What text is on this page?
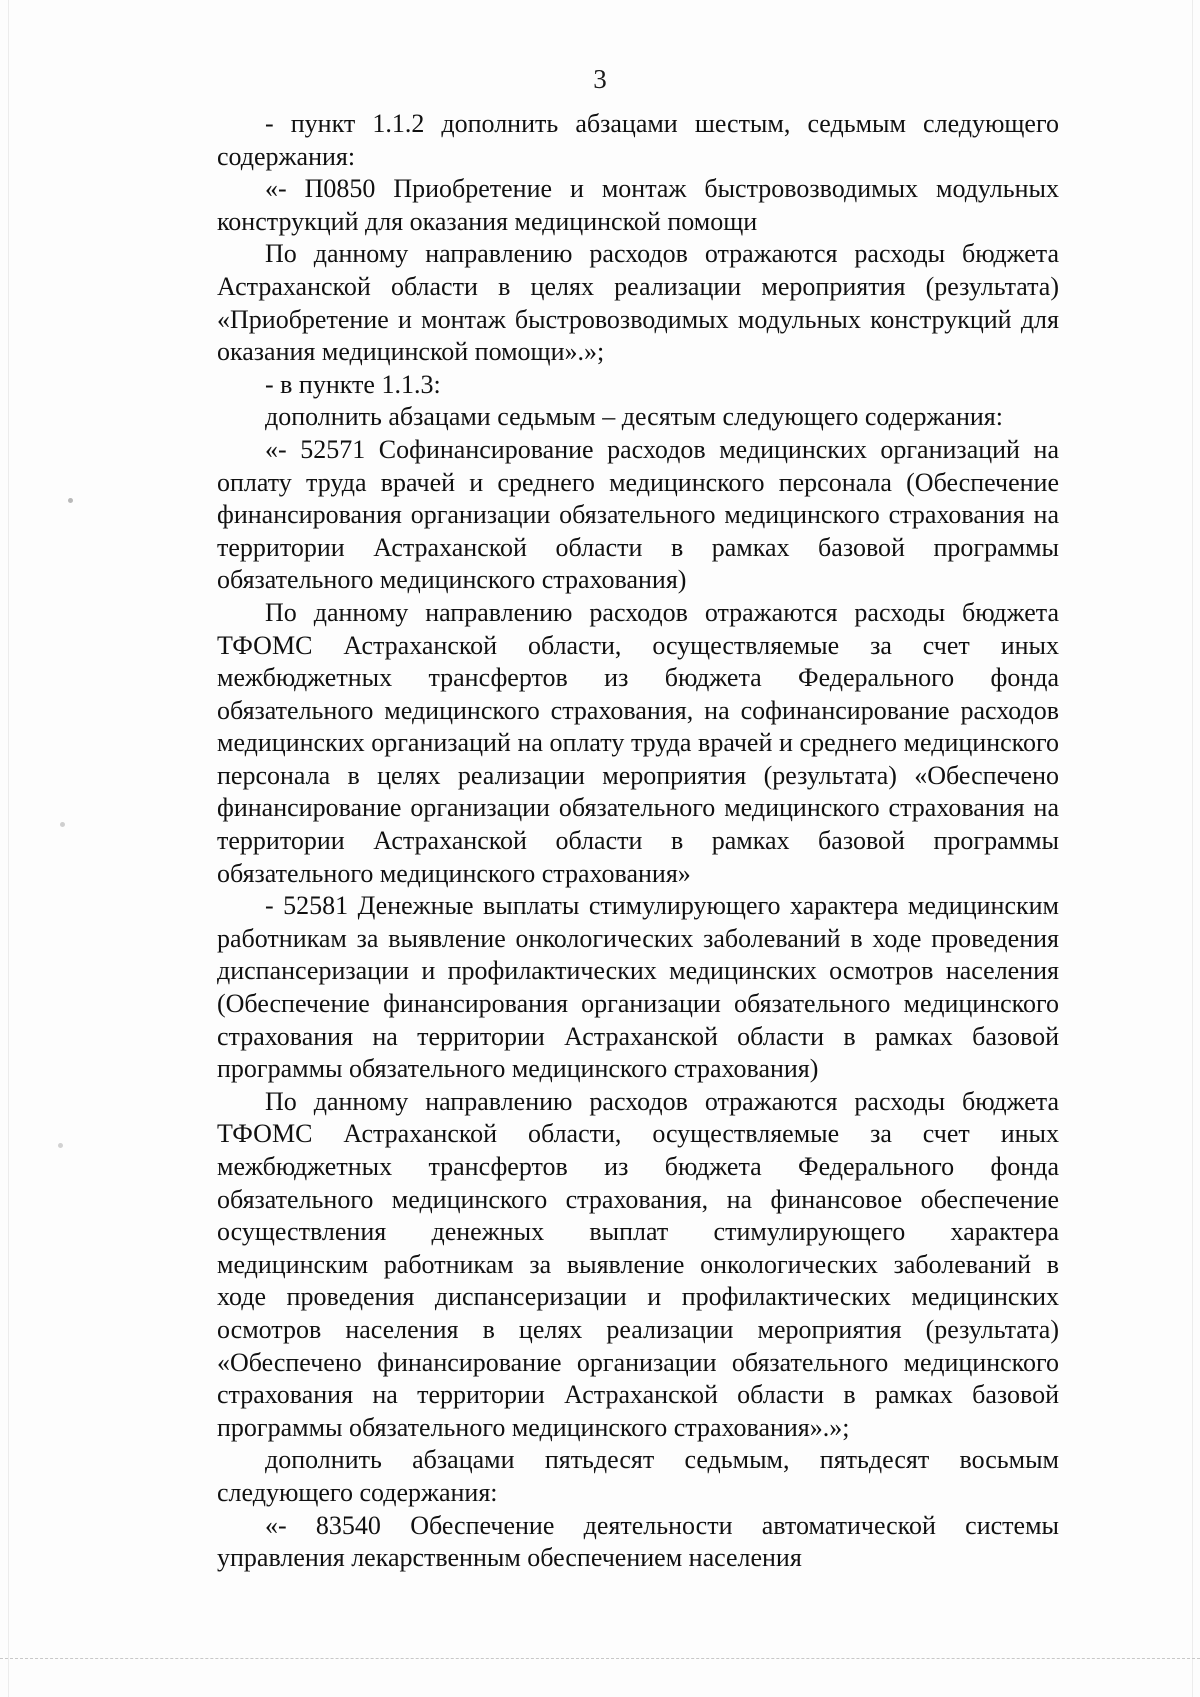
3

- пункт 1.1.2 дополнить абзацами шестым, седьмым следующего содержания:

«- П0850 Приобретение и монтаж быстровозводимых модульных конструкций для оказания медицинской помощи

По данному направлению расходов отражаются расходы бюджета Астраханской области в целях реализации мероприятия (результата) «Приобретение и монтаж быстровозводимых модульных конструкций для оказания медицинской помощи».»;

- в пункте 1.1.3:

дополнить абзацами седьмым – десятым следующего содержания:

«- 52571 Софинансирование расходов медицинских организаций на оплату труда врачей и среднего медицинского персонала (Обеспечение финансирования организации обязательного медицинского страхования на территории Астраханской области в рамках базовой программы обязательного медицинского страхования)

По данному направлению расходов отражаются расходы бюджета ТФОМС Астраханской области, осуществляемые за счет иных межбюджетных трансфертов из бюджета Федерального фонда обязательного медицинского страхования, на софинансирование расходов медицинских организаций на оплату труда врачей и среднего медицинского персонала в целях реализации мероприятия (результата) «Обеспечено финансирование организации обязательного медицинского страхования на территории Астраханской области в рамках базовой программы обязательного медицинского страхования»

- 52581 Денежные выплаты стимулирующего характера медицинским работникам за выявление онкологических заболеваний в ходе проведения диспансеризации и профилактических медицинских осмотров населения (Обеспечение финансирования организации обязательного медицинского страхования на территории Астраханской области в рамках базовой программы обязательного медицинского страхования)

По данному направлению расходов отражаются расходы бюджета ТФОМС Астраханской области, осуществляемые за счет иных межбюджетных трансфертов из бюджета Федерального фонда обязательного медицинского страхования, на финансовое обеспечение осуществления денежных выплат стимулирующего характера медицинским работникам за выявление онкологических заболеваний в ходе проведения диспансеризации и профилактических медицинских осмотров населения в целях реализации мероприятия (результата) «Обеспечено финансирование организации обязательного медицинского страхования на территории Астраханской области в рамках базовой программы обязательного медицинского страхования».»;

дополнить абзацами пятьдесят седьмым, пятьдесят восьмым следующего содержания:

«- 83540 Обеспечение деятельности автоматической системы управления лекарственным обеспечением населения
